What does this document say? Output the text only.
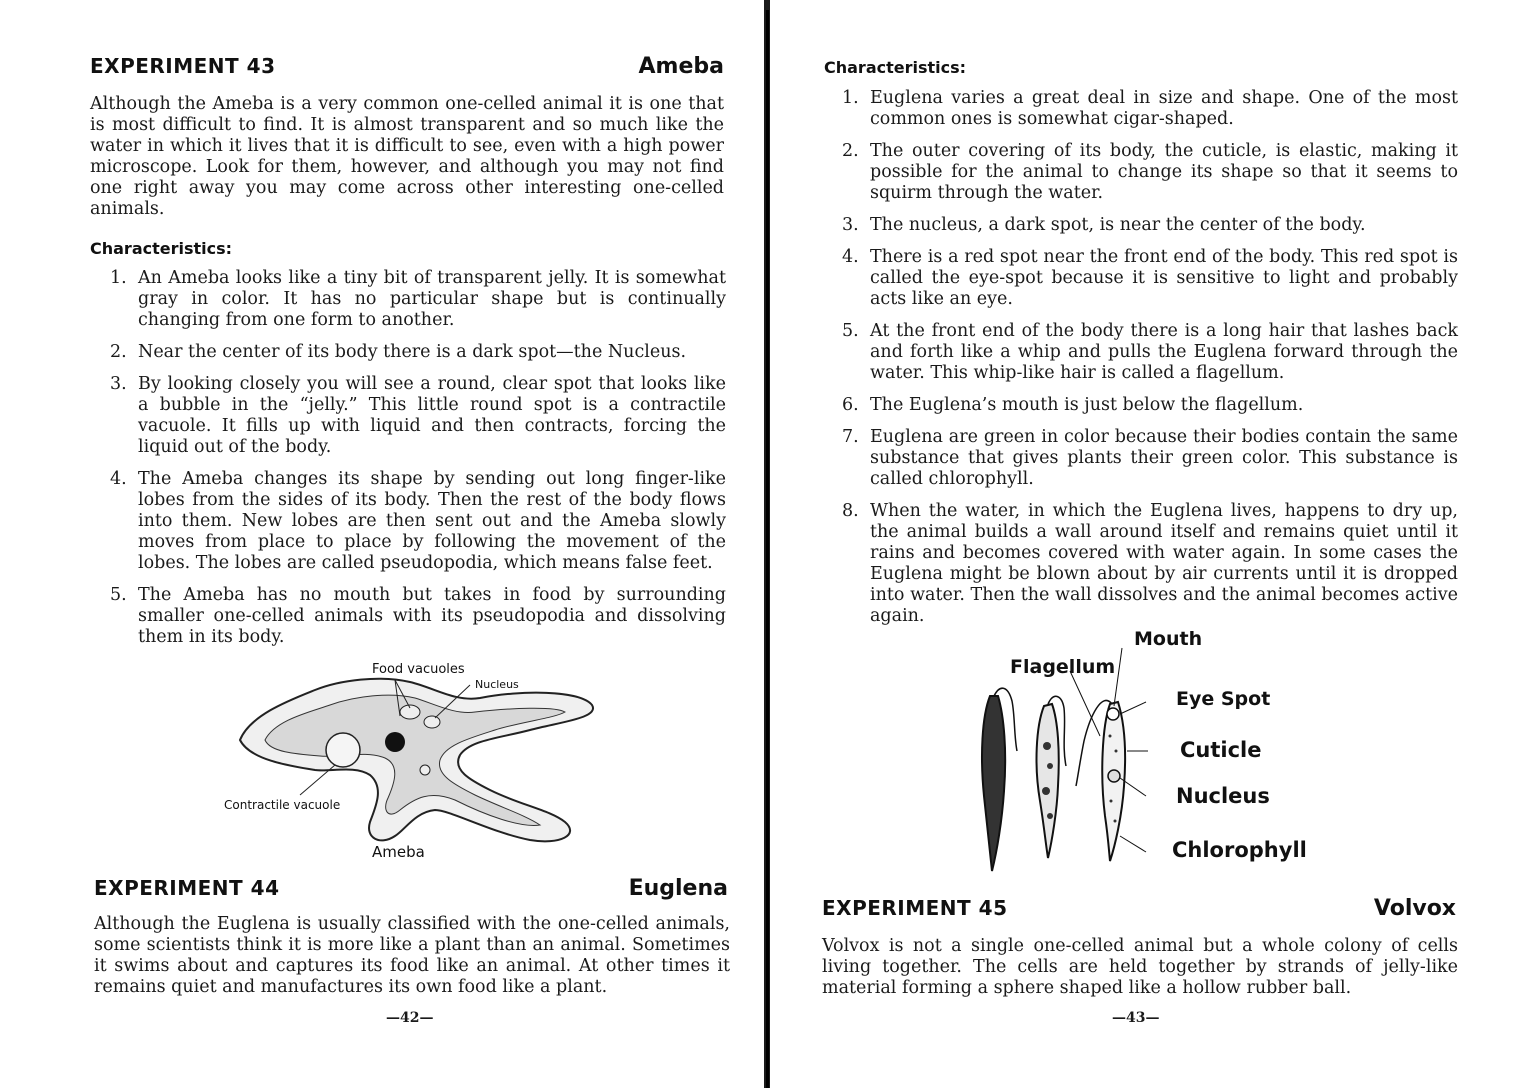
EXPERIMENT 43	Ameba

Although the Ameba is a very common one-celled animal it is one that is most difficult to find. It is almost transparent and so much like the water in which it lives that it is difficult to see, even with a high power microscope. Look for them, however, and although you may not find one right away you may come across other interesting one-celled animals.

Characteristics:
1. An Ameba looks like a tiny bit of transparent jelly. It is somewhat gray in color. It has no particular shape but is continually changing from one form to another.
2. Near the center of its body there is a dark spot—the Nucleus.
3. By looking closely you will see a round, clear spot that looks like a bubble in the “jelly.” This little round spot is a contractile vacuole. It fills up with liquid and then contracts, forcing the liquid out of the body.
4. The Ameba changes its shape by sending out long finger-like lobes from the sides of its body. Then the rest of the body flows into them. New lobes are then sent out and the Ameba slowly moves from place to place by following the movement of the lobes. The lobes are called pseudopodia, which means false feet.
5. The Ameba has no mouth but takes in food by surrounding smaller one-celled animals with its pseudopodia and dissolving them in its body.
Food vacuoles
Nucleus
Contractile vacuole
Ameba
EXPERIMENT 44	Euglena

Although the Euglena is usually classified with the one-celled animals, some scientists think it is more like a plant than an animal. Sometimes it swims about and captures its food like an animal. At other times it remains quiet and manufactures its own food like a plant.

—42—
Characteristics:
1. Euglena varies a great deal in size and shape. One of the most common ones is somewhat cigar-shaped.
2. The outer covering of its body, the cuticle, is elastic, making it possible for the animal to change its shape so that it seems to squirm through the water.
3. The nucleus, a dark spot, is near the center of the body.
4. There is a red spot near the front end of the body. This red spot is called the eye-spot because it is sensitive to light and probably acts like an eye.
5. At the front end of the body there is a long hair that lashes back and forth like a whip and pulls the Euglena forward through the water. This whip-like hair is called a flagellum.
6. The Euglena’s mouth is just below the flagellum.
7. Euglena are green in color because their bodies contain the same substance that gives plants their green color. This substance is called chlorophyll.
8. When the water, in which the Euglena lives, happens to dry up, the animal builds a wall around itself and remains quiet until it rains and becomes covered with water again. In some cases the Euglena might be blown about by air currents until it is dropped into water. Then the wall dissolves and the animal becomes active again.
Mouth
Flagellum
Eye Spot
Cuticle
Nucleus
Chlorophyll
EXPERIMENT 45	Volvox

Volvox is not a single one-celled animal but a whole colony of cells living together. The cells are held together by strands of jelly-like material forming a sphere shaped like a hollow rubber ball.

—43—
